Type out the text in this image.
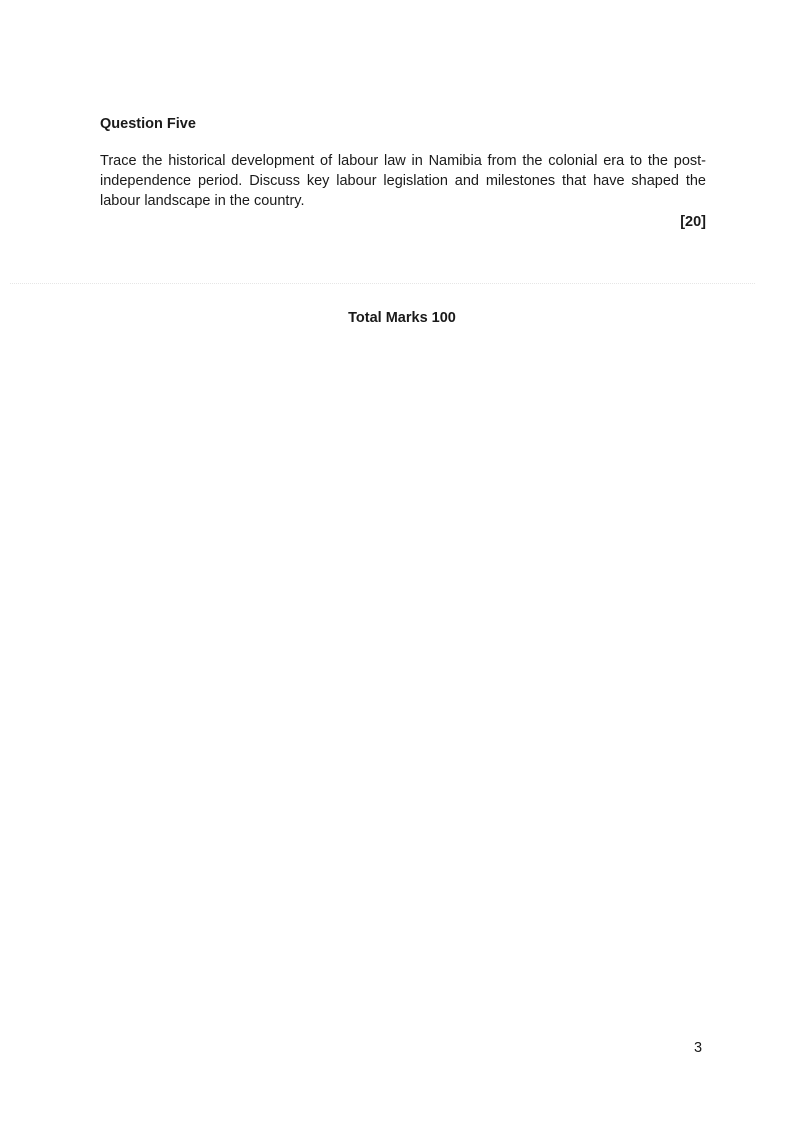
Question Five

Trace the historical development of labour law in Namibia from the colonial era to the post-independence period. Discuss key labour legislation and milestones that have shaped the labour landscape in the country.

[20]
Total Marks 100
3
